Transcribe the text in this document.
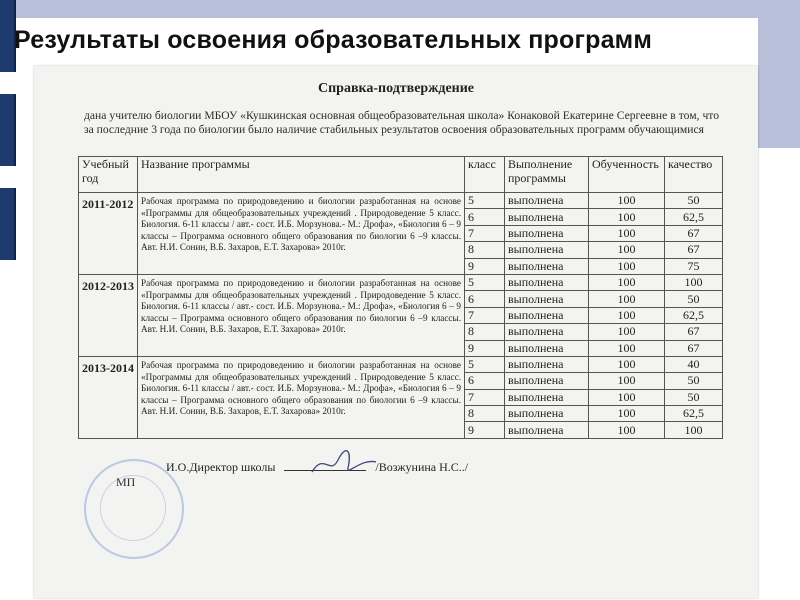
Результаты освоения образовательных программ
Справка-подтверждение
дана учителю биологии МБОУ «Кушкинская основная общеобразовательная школа» Конаковой Екатерине Сергеевне в том, что за последние 3 года по биологии было наличие стабильных результатов освоения образовательных программ обучающимися
Учебный год	Название программы	класс	Выполнение программы	Обученность	качество
2011-2012	Рабочая программа по природоведению и биологии разработанная на основе «Программы для общеобразовательных учреждений . Природоведение 5 класс. Биология. 6-11 классы / авт.- сост. И.Б. Морзунова.- М.: Дрофа», «Биология 6 – 9 классы – Программа основного общего образования по биологии 6 –9 классы. Авт. Н.И. Сонин, В.Б. Захаров, Е.Т. Захарова» 2010г.	5	выполнена	100	50
		6	выполнена	100	62,5
		7	выполнена	100	67
		8	выполнена	100	67
		9	выполнена	100	75
2012-2013	Рабочая программа по природоведению и биологии разработанная на основе «Программы для общеобразовательных учреждений . Природоведение 5 класс. Биология. 6-11 классы / авт.- сост. И.Б. Морзунова.- М.: Дрофа», «Биология 6 – 9 классы – Программа основного общего образования по биологии 6 –9 классы. Авт. Н.И. Сонин, В.Б. Захаров, Е.Т. Захарова» 2010г.	5	выполнена	100	100
		6	выполнена	100	50
		7	выполнена	100	62,5
		8	выполнена	100	67
		9	выполнена	100	67
2013-2014	Рабочая программа по природоведению и биологии разработанная на основе «Программы для общеобразовательных учреждений . Природоведение 5 класс. Биология. 6-11 классы / авт.- сост. И.Б. Морзунова.- М.: Дрофа», «Биология 6 – 9 классы – Программа основного общего образования по биологии 6 –9 классы. Авт. Н.И. Сонин, В.Б. Захаров, Е.Т. Захарова» 2010г.	5	выполнена	100	40
		6	выполнена	100	50
		7	выполнена	100	50
		8	выполнена	100	62,5
		9	выполнена	100	100
МП
И.О.Директор школы	/Возжунина Н.С../
